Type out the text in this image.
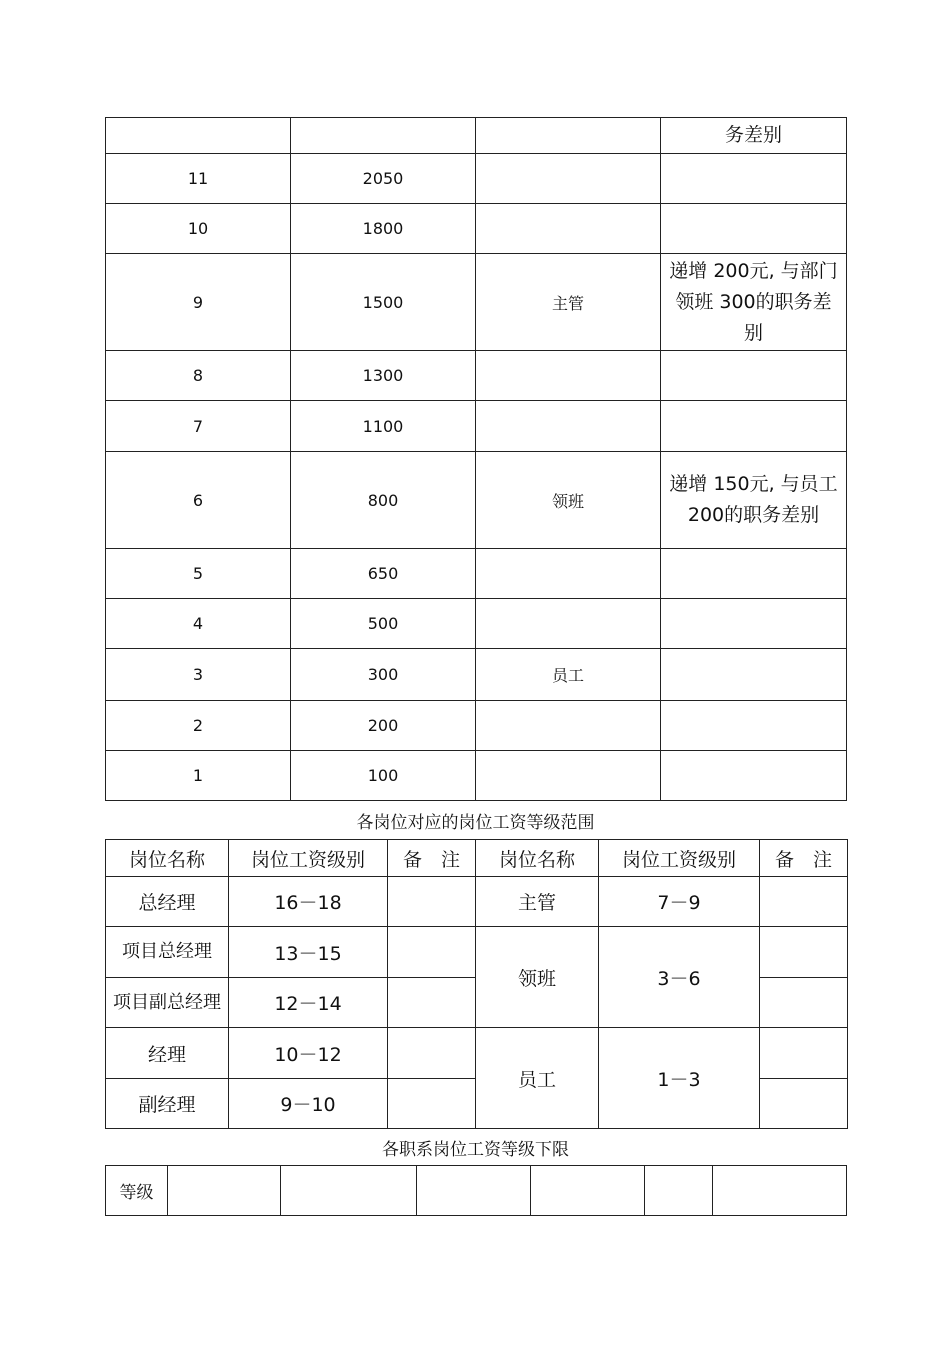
			务差别
11	2050		
10	1800		
9	1500	主管	递增 200元, 与部门领班 300的职务差别
8	1300		
7	1100		
6	800	领班	递增 150元, 与员工 200的职务差别
5	650		
4	500		
3	300	员工	
2	200		
1	100		
各岗位对应的岗位工资等级范围
岗位名称	岗位工资级别	备　注	岗位名称	岗位工资级别	备　注
总经理	16－18		主管	7－9	
项目总经理	13－15		领班	3－6	
项目副总经理	12－14				
经理	10－12		员工	1－3	
副经理	9－10				
各职系岗位工资等级下限
等级						
